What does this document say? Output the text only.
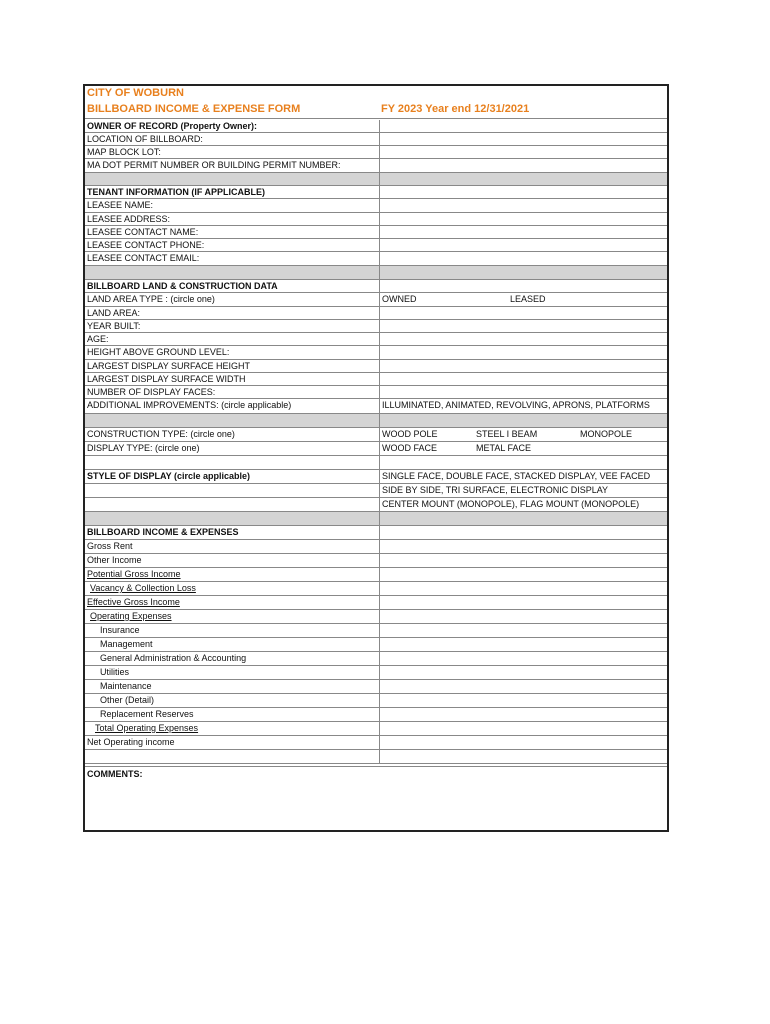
CITY OF WOBURN
BILLBOARD INCOME & EXPENSE FORM	FY 2023 Year end 12/31/2021
OWNER OF RECORD (Property Owner):
LOCATION OF BILLBOARD:
MAP BLOCK LOT:
MA DOT PERMIT NUMBER OR BUILDING PERMIT NUMBER:
TENANT INFORMATION (IF APPLICABLE)
LEASEE NAME:
LEASEE ADDRESS:
LEASEE CONTACT NAME:
LEASEE CONTACT PHONE:
LEASEE CONTACT EMAIL:
BILLBOARD LAND & CONSTRUCTION DATA
LAND AREA TYPE : (circle one)	OWNED	LEASED
LAND AREA:
YEAR BUILT:
AGE:
HEIGHT ABOVE GROUND LEVEL:
LARGEST DISPLAY SURFACE HEIGHT
LARGEST DISPLAY SURFACE WIDTH
NUMBER OF DISPLAY FACES:
ADDITIONAL IMPROVEMENTS: (circle applicable)	ILLUMINATED, ANIMATED, REVOLVING, APRONS, PLATFORMS
CONSTRUCTION TYPE: (circle one)	WOOD POLE	STEEL I BEAM	MONOPOLE
DISPLAY TYPE: (circle one)	WOOD FACE	METAL FACE
STYLE OF DISPLAY (circle applicable)	SINGLE FACE, DOUBLE FACE, STACKED DISPLAY, VEE FACED
SIDE BY SIDE, TRI SURFACE, ELECTRONIC DISPLAY
CENTER MOUNT (MONOPOLE), FLAG MOUNT (MONOPOLE)
BILLBOARD INCOME & EXPENSES
Gross Rent
Other Income
Potential Gross Income
Vacancy & Collection Loss
Effective Gross Income
Operating Expenses
Insurance
Management
General Administration & Accounting
Utilities
Maintenance
Other (Detail)
Replacement Reserves
Total Operating Expenses
Net Operating income
COMMENTS:
